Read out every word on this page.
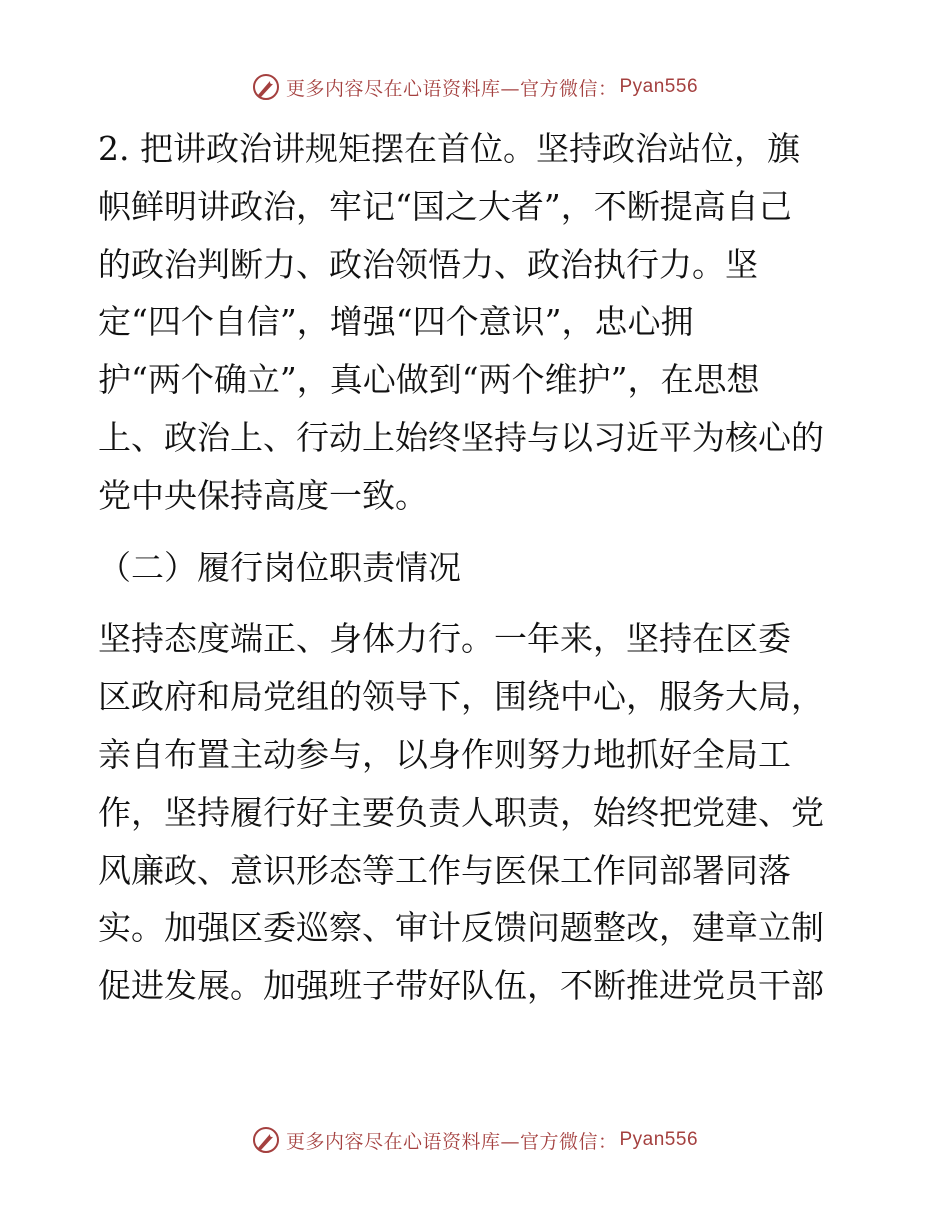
更多内容尽在心语资料库—官方微信： Pyan556
2. 把讲政治讲规矩摆在首位。坚持政治站位，旗
帜鲜明讲政治，牢记“国之大者”，不断提高自己
的政治判断力、政治领悟力、政治执行力。坚
定“四个自信”，增强“四个意识”，忠心拥
护“两个确立”，真心做到“两个维护”，在思想
上、政治上、行动上始终坚持与以习近平为核心的
党中央保持高度一致。
（二）履行岗位职责情况
坚持态度端正、身体力行。一年来，坚持在区委
区政府和局党组的领导下，围绕中心，服务大局，
亲自布置主动参与，以身作则努力地抓好全局工
作，坚持履行好主要负责人职责，始终把党建、党
风廉政、意识形态等工作与医保工作同部署同落
实。加强区委巡察、审计反馈问题整改，建章立制
促进发展。加强班子带好队伍，不断推进党员干部
更多内容尽在心语资料库—官方微信： Pyan556
